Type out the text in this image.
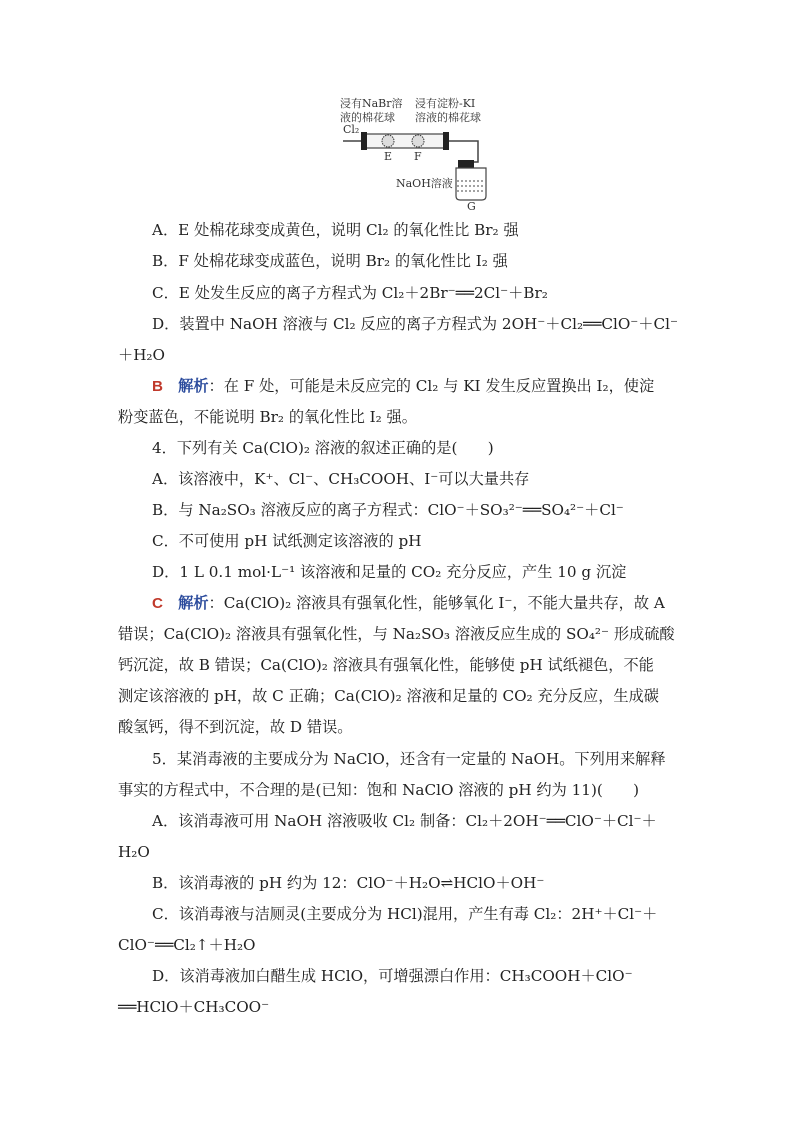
浸有NaBr溶
液的棉花球
浸有淀粉-KI
溶液的棉花球
Cl₂
E F
NaOH溶液
G
A．E 处棉花球变成黄色，说明 Cl₂ 的氧化性比 Br₂ 强
B．F 处棉花球变成蓝色，说明 Br₂ 的氧化性比 I₂ 强
C．E 处发生反应的离子方程式为 Cl₂＋2Br⁻══2Cl⁻＋Br₂
D．装置中 NaOH 溶液与 Cl₂ 反应的离子方程式为 2OH⁻＋Cl₂══ClO⁻＋Cl⁻
＋H₂O
B　 解析：在 F 处，可能是未反应完的 Cl₂ 与 KI 发生反应置换出 I₂，使淀
粉变蓝色，不能说明 Br₂ 的氧化性比 I₂ 强。
4．下列有关 Ca(ClO)₂ 溶液的叙述正确的是(　　)
A．该溶液中，K⁺、Cl⁻、CH₃COOH、I⁻可以大量共存
B．与 Na₂SO₃ 溶液反应的离子方程式：ClO⁻＋SO₃²⁻══SO₄²⁻＋Cl⁻
C．不可使用 pH 试纸测定该溶液的 pH
D．1 L 0.1 mol·L⁻¹ 该溶液和足量的 CO₂ 充分反应，产生 10 g 沉淀
C　 解析：Ca(ClO)₂ 溶液具有强氧化性，能够氧化 I⁻，不能大量共存，故 A
错误；Ca(ClO)₂ 溶液具有强氧化性，与 Na₂SO₃ 溶液反应生成的 SO₄²⁻ 形成硫酸
钙沉淀，故 B 错误；Ca(ClO)₂ 溶液具有强氧化性，能够使 pH 试纸褪色，不能
测定该溶液的 pH，故 C 正确；Ca(ClO)₂ 溶液和足量的 CO₂ 充分反应，生成碳
酸氢钙，得不到沉淀，故 D 错误。
5．某消毒液的主要成分为 NaClO，还含有一定量的 NaOH。下列用来解释
事实的方程式中，不合理的是(已知：饱和 NaClO 溶液的 pH 约为 11)(　　)
A．该消毒液可用 NaOH 溶液吸收 Cl₂ 制备：Cl₂＋2OH⁻══ClO⁻＋Cl⁻＋
H₂O
B．该消毒液的 pH 约为 12：ClO⁻＋H₂O⇌HClO＋OH⁻
C．该消毒液与洁厕灵(主要成分为 HCl)混用，产生有毒 Cl₂：2H⁺＋Cl⁻＋
ClO⁻══Cl₂↑＋H₂O
D．该消毒液加白醋生成 HClO，可增强漂白作用：CH₃COOH＋ClO⁻
══HClO＋CH₃COO⁻
